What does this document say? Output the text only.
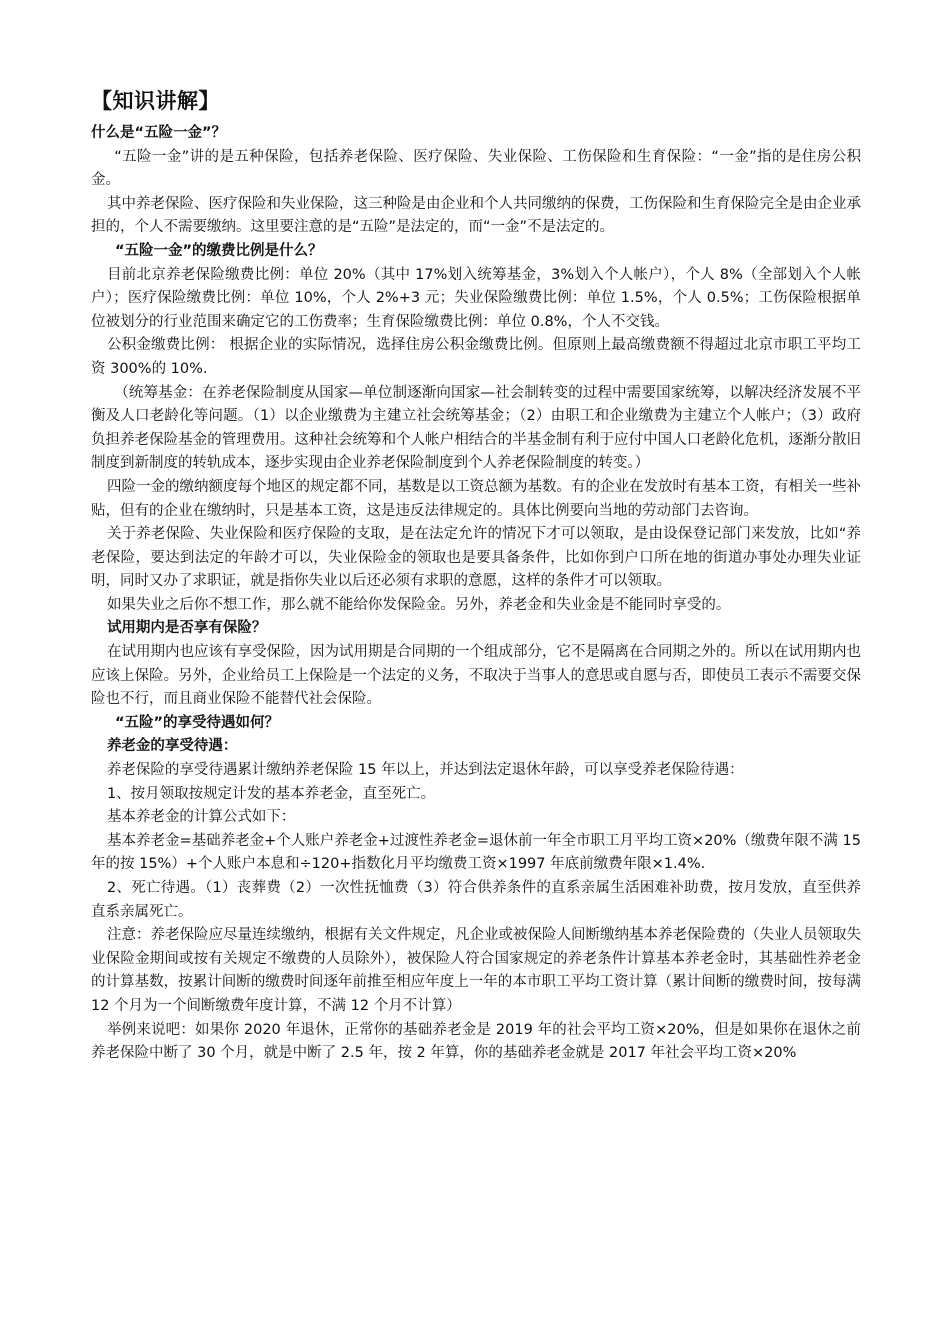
【知识讲解】

什么是“五险一金”？

“五险一金”讲的是五种保险，包括养老保险、医疗保险、失业保险、工伤保险和生育保险：“一金”指的是住房公积金。

其中养老保险、医疗保险和失业保险，这三种险是由企业和个人共同缴纳的保费，工伤保险和生育保险完全是由企业承担的，个人不需要缴纳。这里要注意的是“五险”是法定的，而“一金”不是法定的。

“五险一金”的缴费比例是什么？

目前北京养老保险缴费比例：单位 20%（其中 17%划入统筹基金，3%划入个人帐户），个人 8%（全部划入个人帐户）；医疗保险缴费比例：单位 10%，个人 2%+3 元；失业保险缴费比例：单位 1.5%，个人 0.5%；工伤保险根据单位被划分的行业范围来确定它的工伤费率；生育保险缴费比例：单位 0.8%，个人不交钱。

公积金缴费比例： 根据企业的实际情况，选择住房公积金缴费比例。但原则上最高缴费额不得超过北京市职工平均工资 300%的 10%.

（统筹基金：在养老保险制度从国家—单位制逐渐向国家—社会制转变的过程中需要国家统筹，以解决经济发展不平衡及人口老龄化等问题。（1）以企业缴费为主建立社会统筹基金；（2）由职工和企业缴费为主建立个人帐户；（3）政府负担养老保险基金的管理费用。这种社会统筹和个人帐户相结合的半基金制有利于应付中国人口老龄化危机，逐渐分散旧制度到新制度的转轨成本，逐步实现由企业养老保险制度到个人养老保险制度的转变。）

四险一金的缴纳额度每个地区的规定都不同，基数是以工资总额为基数。有的企业在发放时有基本工资，有相关一些补贴，但有的企业在缴纳时，只是基本工资，这是违反法律规定的。具体比例要向当地的劳动部门去咨询。

关于养老保险、失业保险和医疗保险的支取，是在法定允许的情况下才可以领取，是由设保登记部门来发放，比如“养老保险，要达到法定的年龄才可以，失业保险金的领取也是要具备条件，比如你到户口所在地的街道办事处办理失业证明，同时又办了求职证，就是指你失业以后还必须有求职的意愿，这样的条件才可以领取。

如果失业之后你不想工作，那么就不能给你发保险金。另外，养老金和失业金是不能同时享受的。

试用期内是否享有保险？

在试用期内也应该有享受保险，因为试用期是合同期的一个组成部分，它不是隔离在合同期之外的。所以在试用期内也应该上保险。另外，企业给员工上保险是一个法定的义务，不取决于当事人的意思或自愿与否，即使员工表示不需要交保险也不行，而且商业保险不能替代社会保险。

“五险”的享受待遇如何？

养老金的享受待遇：

养老保险的享受待遇累计缴纳养老保险 15 年以上，并达到法定退休年龄，可以享受养老保险待遇：

1、按月领取按规定计发的基本养老金，直至死亡。

基本养老金的计算公式如下：

基本养老金=基础养老金+个人账户养老金+过渡性养老金=退休前一年全市职工月平均工资×20%（缴费年限不满 15 年的按 15%）+个人账户本息和÷120+指数化月平均缴费工资×1997 年底前缴费年限×1.4%.

2、死亡待遇。（1）丧葬费（2）一次性抚恤费（3）符合供养条件的直系亲属生活困难补助费，按月发放，直至供养直系亲属死亡。

注意：养老保险应尽量连续缴纳，根据有关文件规定，凡企业或被保险人间断缴纳基本养老保险费的（失业人员领取失业保险金期间或按有关规定不缴费的人员除外），被保险人符合国家规定的养老条件计算基本养老金时，其基础性养老金的计算基数，按累计间断的缴费时间逐年前推至相应年度上一年的本市职工平均工资计算（累计间断的缴费时间，按每满 12 个月为一个间断缴费年度计算，不满 12 个月不计算）

举例来说吧：如果你 2020 年退休，正常你的基础养老金是 2019 年的社会平均工资×20%，但是如果你在退休之前养老保险中断了 30 个月，就是中断了 2.5 年，按 2 年算，你的基础养老金就是 2017 年社会平均工资×20%
